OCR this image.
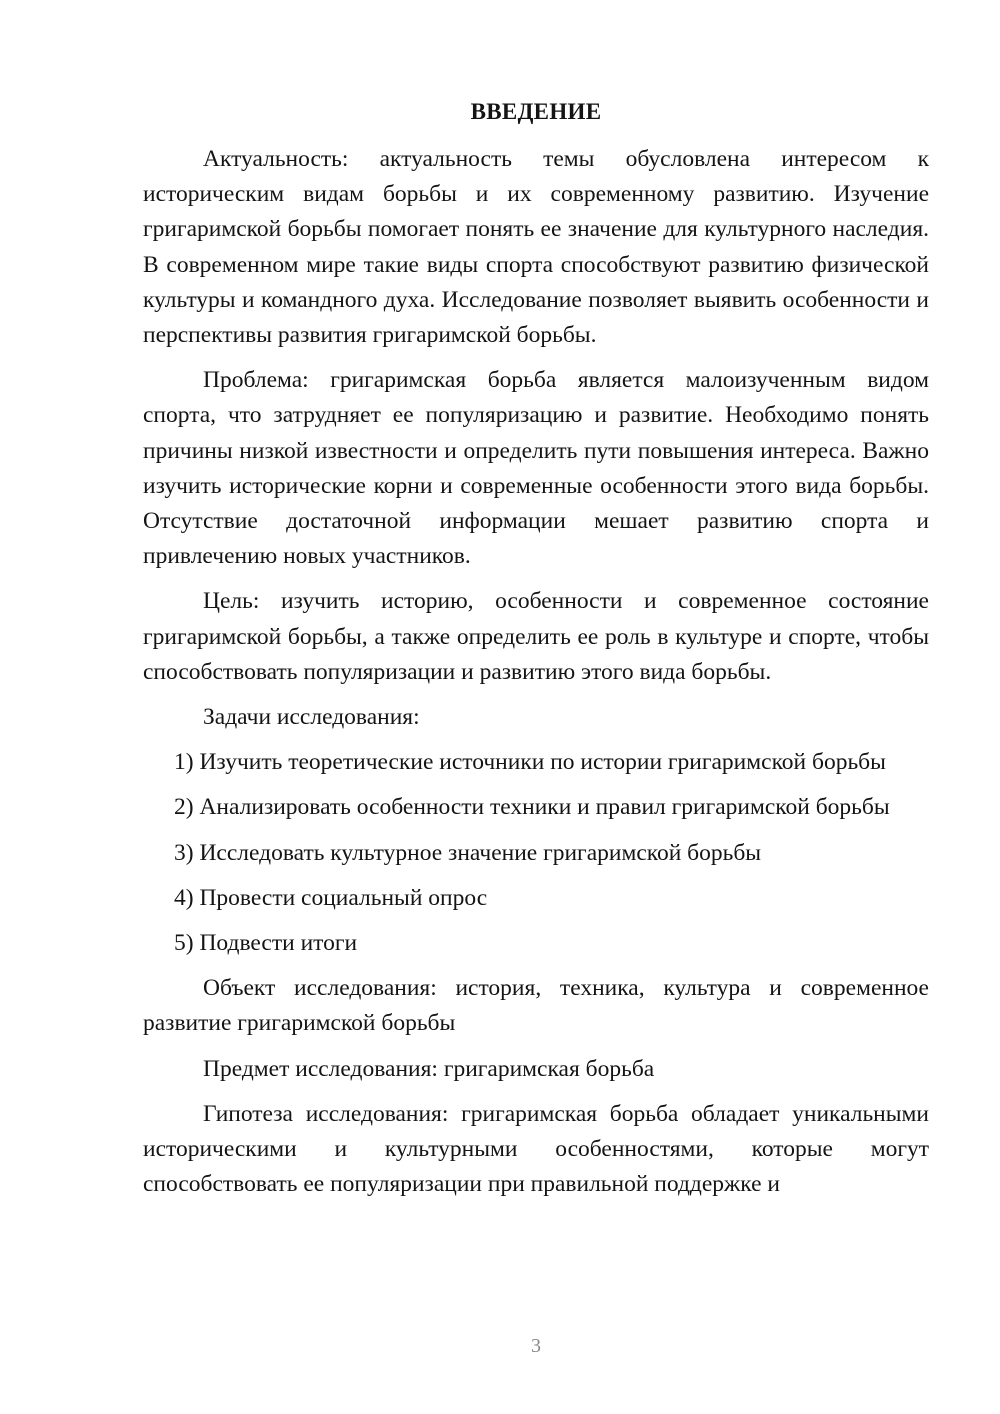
ВВЕДЕНИЕ

Актуальность: актуальность темы обусловлена интересом к историческим видам борьбы и их современному развитию. Изучение григаримской борьбы помогает понять ее значение для культурного наследия. В современном мире такие виды спорта способствуют развитию физической культуры и командного духа. Исследование позволяет выявить особенности и перспективы развития григаримской борьбы.

Проблема: григаримская борьба является малоизученным видом спорта, что затрудняет ее популяризацию и развитие. Необходимо понять причины низкой известности и определить пути повышения интереса. Важно изучить исторические корни и современные особенности этого вида борьбы. Отсутствие достаточной информации мешает развитию спорта и привлечению новых участников.

Цель: изучить историю, особенности и современное состояние григаримской борьбы, а также определить ее роль в культуре и спорте, чтобы способствовать популяризации и развитию этого вида борьбы.

Задачи исследования:

1) Изучить теоретические источники по истории григаримской борьбы

2) Анализировать особенности техники и правил григаримской борьбы

3) Исследовать культурное значение григаримской борьбы

4) Провести социальный опрос

5) Подвести итоги

Объект исследования: история, техника, культура и современное развитие григаримской борьбы

Предмет исследования: григаримская борьба

Гипотеза исследования: григаримская борьба обладает уникальными историческими и культурными особенностями, которые могут способствовать ее популяризации при правильной поддержке и

3
